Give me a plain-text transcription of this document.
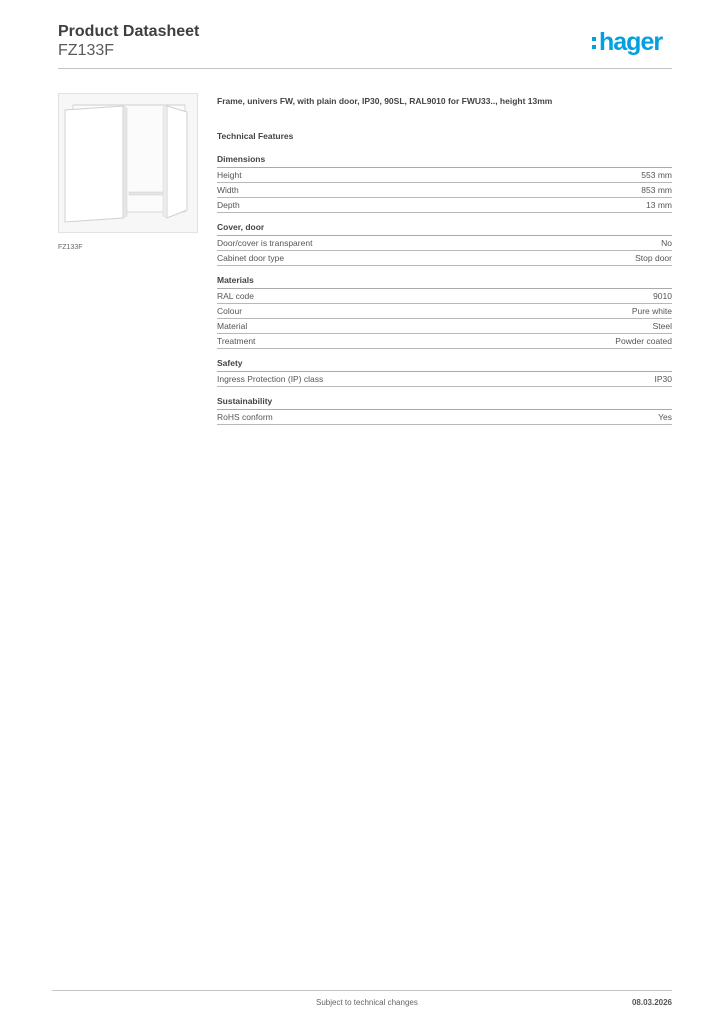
Product Datasheet
FZ133F	hager
FZ133F
Frame, univers FW, with plain door, IP30, 90SL, RAL9010 for FWU33.., height 13mm
Technical Features
Dimensions
Height	553 mm
Width	853 mm
Depth	13 mm
Cover, door
Door/cover is transparent	No
Cabinet door type	Stop door
Materials
RAL code	9010
Colour	Pure white
Material	Steel
Treatment	Powder coated
Safety
Ingress Protection (IP) class	IP30
Sustainability
RoHS conform	Yes
Subject to technical changes	08.03.2026
